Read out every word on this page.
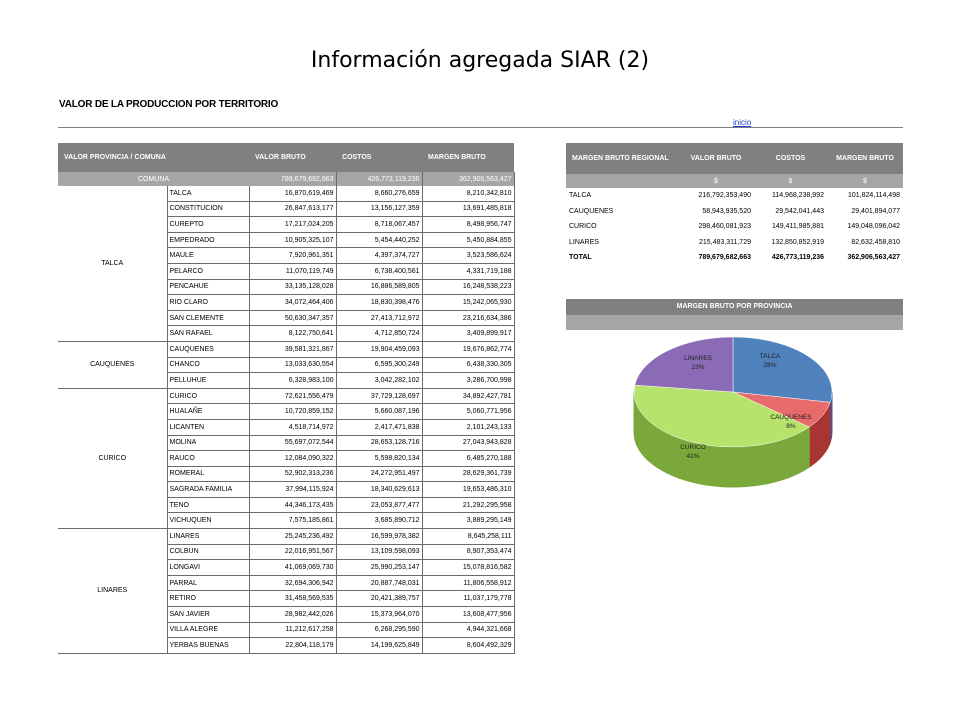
Información agregada SIAR (2)
VALOR DE LA PRODUCCION POR TERRITORIO
inicio
VALOR PROVINCIA / COMUNA		VALOR BRUTO	COSTOS	MARGEN BRUTO
COMUNA		789,679,682,663	426,773,119,236	362,906,563,427
TALCA	TALCA	16,870,619,469	8,660,276,659	8,210,342,810
	CONSTITUCION	26,847,613,177	13,156,127,359	13,691,485,818
	CUREPTO	17,217,024,205	8,718,067,457	8,498,956,747
	EMPEDRADO	10,905,325,107	5,454,440,252	5,450,884,855
	MAULE	7,920,961,351	4,397,374,727	3,523,586,624
	PELARCO	11,070,119,749	6,738,400,561	4,331,719,188
	PENCAHUE	33,135,128,028	16,886,589,805	16,248,538,223
	RIO CLARO	34,072,464,406	18,830,398,476	15,242,065,930
	SAN CLEMENTE	50,630,347,357	27,413,712,972	23,216,634,386
	SAN RAFAEL	8,122,750,641	4,712,850,724	3,409,899,917
CAUQUENES	CAUQUENES	39,581,321,867	19,904,459,093	19,676,862,774
	CHANCO	13,033,630,554	6,595,300,249	6,438,330,305
	PELLUHUE	6,328,983,100	3,042,282,102	3,286,700,998
CURICO	CURICO	72,621,556,479	37,729,128,697	34,892,427,781
	HUALAÑE	10,720,859,152	5,660,087,196	5,060,771,956
	LICANTEN	4,518,714,972	2,417,471,838	2,101,243,133
	MOLINA	55,697,072,544	28,653,128,716	27,043,943,828
	RAUCO	12,084,090,322	5,598,820,134	6,485,270,188
	ROMERAL	52,902,313,236	24,272,951,497	28,629,361,739
	SAGRADA FAMILIA	37,994,115,924	18,340,629,613	19,653,486,310
	TENO	44,346,173,435	23,053,877,477	21,292,295,958
	VICHUQUEN	7,575,185,861	3,685,890,712	3,889,295,149
LINARES	LINARES	25,245,236,492	16,599,978,382	8,645,258,111
	COLBUN	22,016,951,567	13,109,598,093	8,907,353,474
	LONGAVI	41,069,069,730	25,990,253,147	15,078,816,582
	PARRAL	32,694,306,942	20,887,748,031	11,806,558,912
	RETIRO	31,458,569,535	20,421,389,757	11,037,179,778
	SAN JAVIER	28,982,442,026	15,373,964,070	13,608,477,956
	VILLA ALEGRE	11,212,617,258	6,268,295,590	4,944,321,668
	YERBAS BUENAS	22,804,118,179	14,199,625,849	8,604,492,329
MARGEN BRUTO REGIONAL	VALOR BRUTO	COSTOS	MARGEN BRUTO
	$	$	$
TALCA	216,792,353,490	114,968,238,992	101,824,114,498
CAUQUENES	58,943,935,520	29,542,041,443	29,401,894,077
CURICO	298,460,081,923	149,411,985,881	149,048,096,042
LINARES	215,483,311,729	132,850,852,919	82,632,458,810
TOTAL	789,679,682,663	426,773,119,236	362,906,563,427
MARGEN BRUTO POR PROVINCIA
TALCA
28%
CAUQUENES
8%
CURICO
41%
LINARES
23%
